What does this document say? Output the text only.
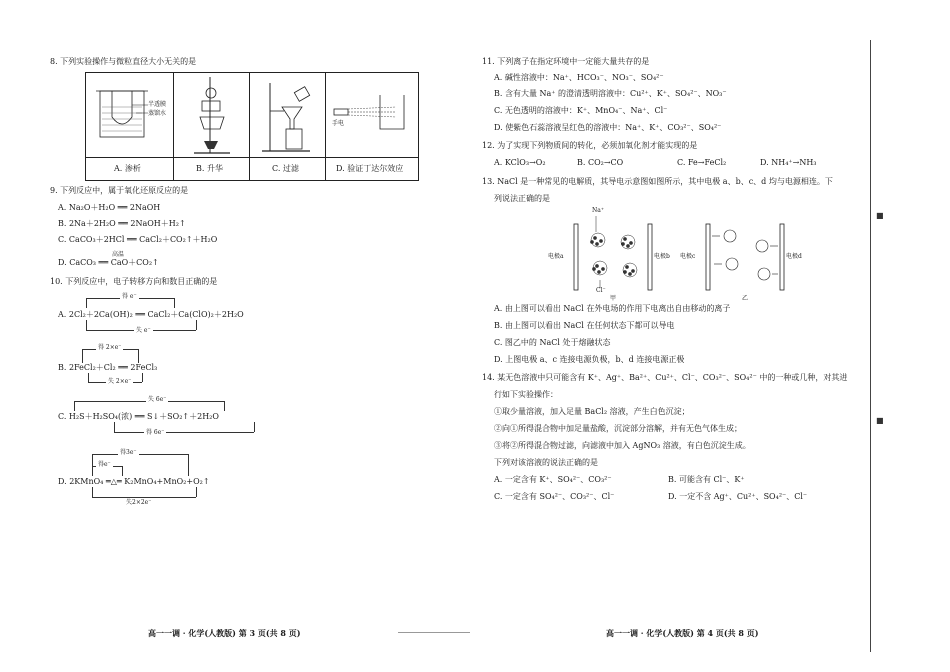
8. 下列实验操作与微粒直径大小无关的是
半透膜
蒸馏水
手电
A. 渗析	B. 升华	C. 过滤	D. 验证丁达尔效应
9. 下列反应中，属于氧化还原反应的是
A. Na₂O＋H₂O ══ 2NaOH
B. 2Na＋2H₂O ══ 2NaOH＋H₂↑
C. CaCO₃＋2HCl ══ CaCl₂＋CO₂↑＋H₂O
高温
D. CaCO₃ ══ CaO＋CO₂↑
10. 下列反应中，电子转移方向和数目正确的是
得 e⁻
A. 2Cl₂＋2Ca(OH)₂ ══ CaCl₂＋Ca(ClO)₂＋2H₂O
失 e⁻
得 2×e⁻
B. 2FeCl₂＋Cl₂ ══ 2FeCl₃
失 2×e⁻
失 6e⁻
C. H₂S＋H₂SO₄(浓) ══ S↓＋SO₂↑＋2H₂O
得 6e⁻
得3e⁻
得e⁻
D. 2KMnO₄ ═△═ K₂MnO₄+MnO₂+O₂↑
失2×2e⁻
高一一调 · 化学(人教版) 第 3 页(共 8 页)
11. 下列离子在指定环境中一定能大量共存的是
A. 碱性溶液中：Na⁺、HCO₃⁻、NO₃⁻、SO₄²⁻
B. 含有大量 Na⁺ 的澄清透明溶液中：Cu²⁺、K⁺、SO₄²⁻、NO₃⁻
C. 无色透明的溶液中：K⁺、MnO₄⁻、Na⁺、Cl⁻
D. 使紫色石蕊溶液呈红色的溶液中：Na⁺、K⁺、CO₃²⁻、SO₄²⁻
12. 为了实现下列物质间的转化，必须加氧化剂才能实现的是
A. KClO₃→O₂	B. CO₂→CO	C. Fe→FeCl₂	D. NH₄⁺→NH₃
13. NaCl 是一种常见的电解质，其导电示意图如图所示，其中电极 a、b、c、d 均与电源相连。下
列说法正确的是
电极a	电极b 电极c	电极d
Na⁺
Cl⁻
甲	乙
A. 由上图可以看出 NaCl 在外电场的作用下电离出自由移动的离子
B. 由上图可以看出 NaCl 在任何状态下都可以导电
C. 图乙中的 NaCl 处于熔融状态
D. 上图电极 a、c 连接电源负极，b、d 连接电源正极
14. 某无色溶液中只可能含有 K⁺、Ag⁺、Ba²⁺、Cu²⁺、Cl⁻、CO₃²⁻、SO₄²⁻ 中的一种或几种，对其进
行如下实验操作：
①取少量溶液，加入足量 BaCl₂ 溶液，产生白色沉淀；
②向①所得混合物中加足量盐酸，沉淀部分溶解，并有无色气体生成；
③将②所得混合物过滤，向滤液中加入 AgNO₃ 溶液，有白色沉淀生成。
下列对该溶液的说法正确的是
A. 一定含有 K⁺、SO₄²⁻、CO₃²⁻	B. 可能含有 Cl⁻、K⁺
C. 一定含有 SO₄²⁻、CO₃²⁻、Cl⁻	D. 一定不含 Ag⁺、Cu²⁺、SO₄²⁻、Cl⁻
高一一调 · 化学(人教版) 第 4 页(共 8 页)
■
■
